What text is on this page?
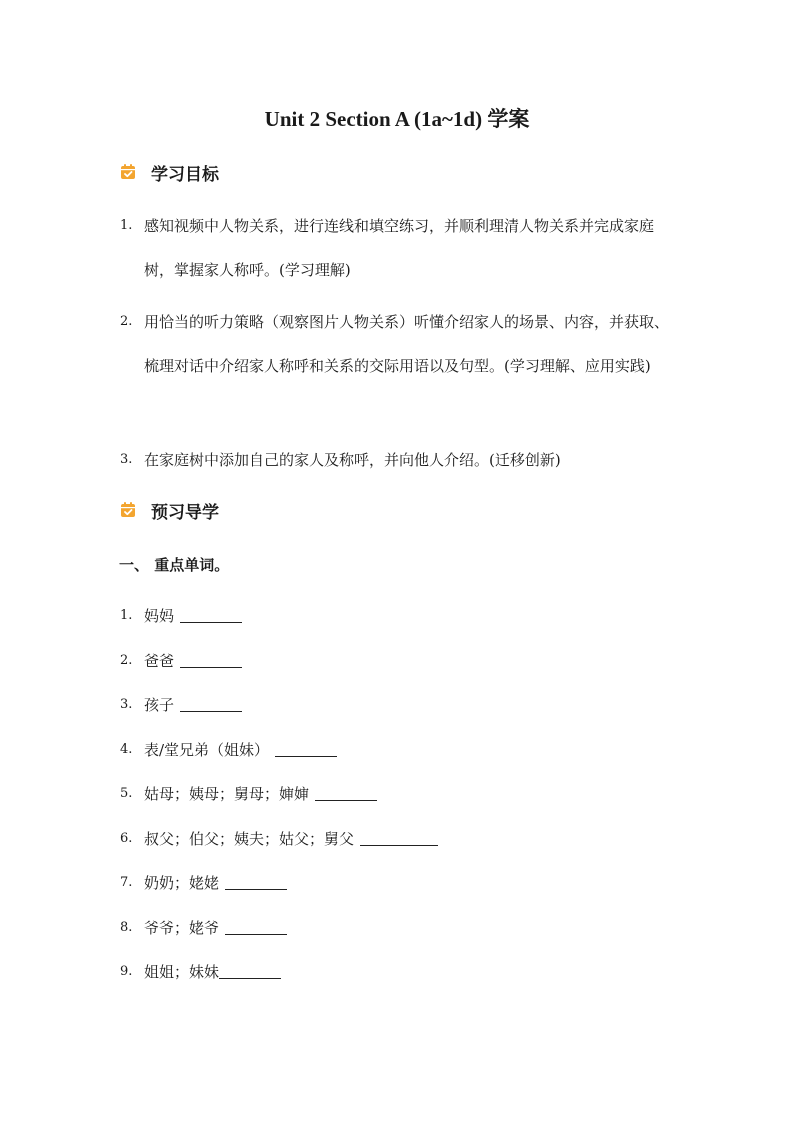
Unit 2 Section A (1a~1d) 学案
学习目标
1. 感知视频中人物关系，进行连线和填空练习，并顺利理清人物关系并完成家庭树，掌握家人称呼。(学习理解)
2. 用恰当的听力策略（观察图片人物关系）听懂介绍家人的场景、内容，并获取、梳理对话中介绍家人称呼和关系的交际用语以及句型。(学习理解、应用实践)
3. 在家庭树中添加自己的家人及称呼，并向他人介绍。(迁移创新)
预习导学
一、 重点单词。
1. 妈妈
2. 爸爸
3. 孩子
4. 表/堂兄弟（姐妹）
5. 姑母；姨母；舅母；婶婶
6. 叔父；伯父；姨夫；姑父；舅父
7. 奶奶；姥姥
8. 爷爷；姥爷
9. 姐姐；妹妹
